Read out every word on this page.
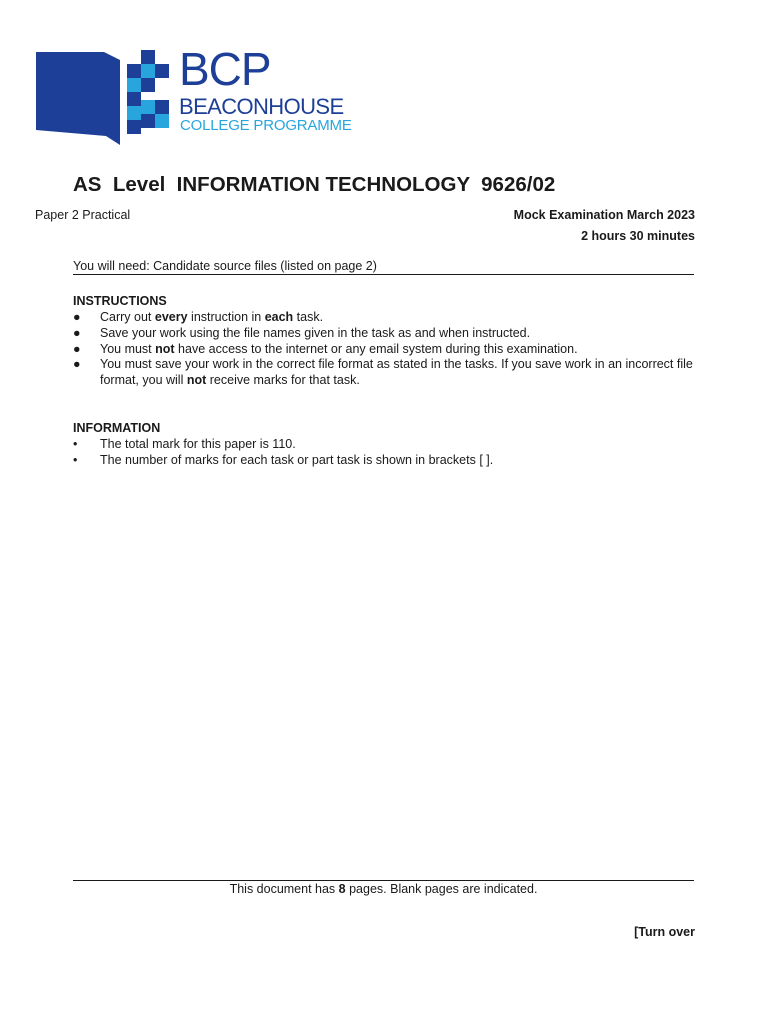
BCP
BEACONHOUSE
COLLEGE PROGRAMME
AS  Level  INFORMATION TECHNOLOGY  9626/02
Paper 2 Practical	Mock Examination March 2023
2 hours 30 minutes
You will need: Candidate source files (listed on page 2)
INSTRUCTIONS
● Carry out every instruction in each task.
● Save your work using the file names given in the task as and when instructed.
● You must not have access to the internet or any email system during this examination.
● You must save your work in the correct file format as stated in the tasks. If you save work in an incorrect file format, you will not receive marks for that task.
INFORMATION
• The total mark for this paper is 110.
• The number of marks for each task or part task is shown in brackets [ ].
This document has 8 pages. Blank pages are indicated.
[Turn over
